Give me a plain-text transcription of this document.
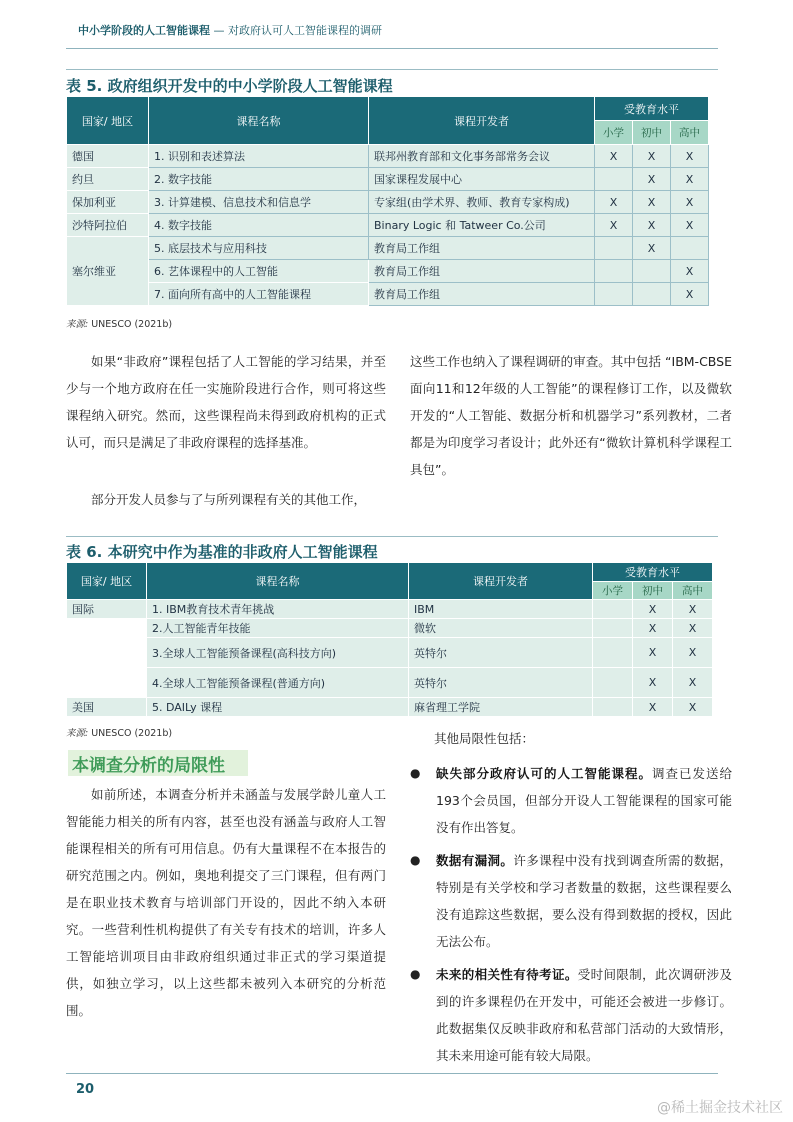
中小学阶段的人工智能课程 — 对政府认可人工智能课程的调研
表 5. 政府组织开发中的中小学阶段人工智能课程
国家/ 地区	课程名称	课程开发者	受教育水平		
			小学	初中	高中
德国	1. 识别和表述算法	联邦州教育部和文化事务部常务会议	X	X	X
约旦	2. 数字技能	国家课程发展中心		X	X
保加利亚	3. 计算建模、信息技术和信息学	专家组(由学术界、教师、教育专家构成)	X	X	X
沙特阿拉伯	4. 数字技能	Binary Logic 和 Tatweer Co.公司	X	X	X
塞尔维亚	5. 底层技术与应用科技	教育局工作组		X	
	6. 艺体课程中的人工智能	教育局工作组			X
	7. 面向所有高中的人工智能课程	教育局工作组			X
来源: UNESCO (2021b)
如果“非政府”课程包括了人工智能的学习结果，并至少与一个地方政府在任一实施阶段进行合作，则可将这些课程纳入研究。然而，这些课程尚未得到政府机构的正式认可，而只是满足了非政府课程的选择基准。
部分开发人员参与了与所列课程有关的其他工作，
这些工作也纳入了课程调研的审查。其中包括 “IBM-CBSE 面向11和12年级的人工智能”的课程修订工作，以及微软开发的“人工智能、数据分析和机器学习”系列教材，二者都是为印度学习者设计；此外还有“微软计算机科学课程工具包”。
表 6. 本研究中作为基准的非政府人工智能课程
国家/ 地区	课程名称	课程开发者	受教育水平		
			小学	初中	高中
国际	1. IBM教育技术青年挑战	IBM		X	X
	2.人工智能青年技能	微软		X	X
	3.全球人工智能预备课程(高科技方向)	英特尔		X	X
	4.全球人工智能预备课程(普通方向)	英特尔		X	X
美国	5. DAILy 课程	麻省理工学院		X	X
来源: UNESCO (2021b)
本调查分析的局限性
如前所述，本调查分析并未涵盖与发展学龄儿童人工智能能力相关的所有内容，甚至也没有涵盖与政府人工智能课程相关的所有可用信息。仍有大量课程不在本报告的研究范围之内。例如，奥地利提交了三门课程，但有两门是在职业技术教育与培训部门开设的，因此不纳入本研究。一些营利性机构提供了有关专有技术的培训，许多人工智能培训项目由非政府组织通过非正式的学习渠道提供，如独立学习，以上这些都未被列入本研究的分析范围。
其他局限性包括：
● 缺失部分政府认可的人工智能课程。调查已发送给193个会员国，但部分开设人工智能课程的国家可能没有作出答复。
● 数据有漏洞。许多课程中没有找到调查所需的数据，特别是有关学校和学习者数量的数据，这些课程要么没有追踪这些数据，要么没有得到数据的授权，因此无法公布。
● 未来的相关性有待考证。受时间限制，此次调研涉及到的许多课程仍在开发中，可能还会被进一步修订。此数据集仅反映非政府和私营部门活动的大致情形，其未来用途可能有较大局限。
20
@稀土掘金技术社区
